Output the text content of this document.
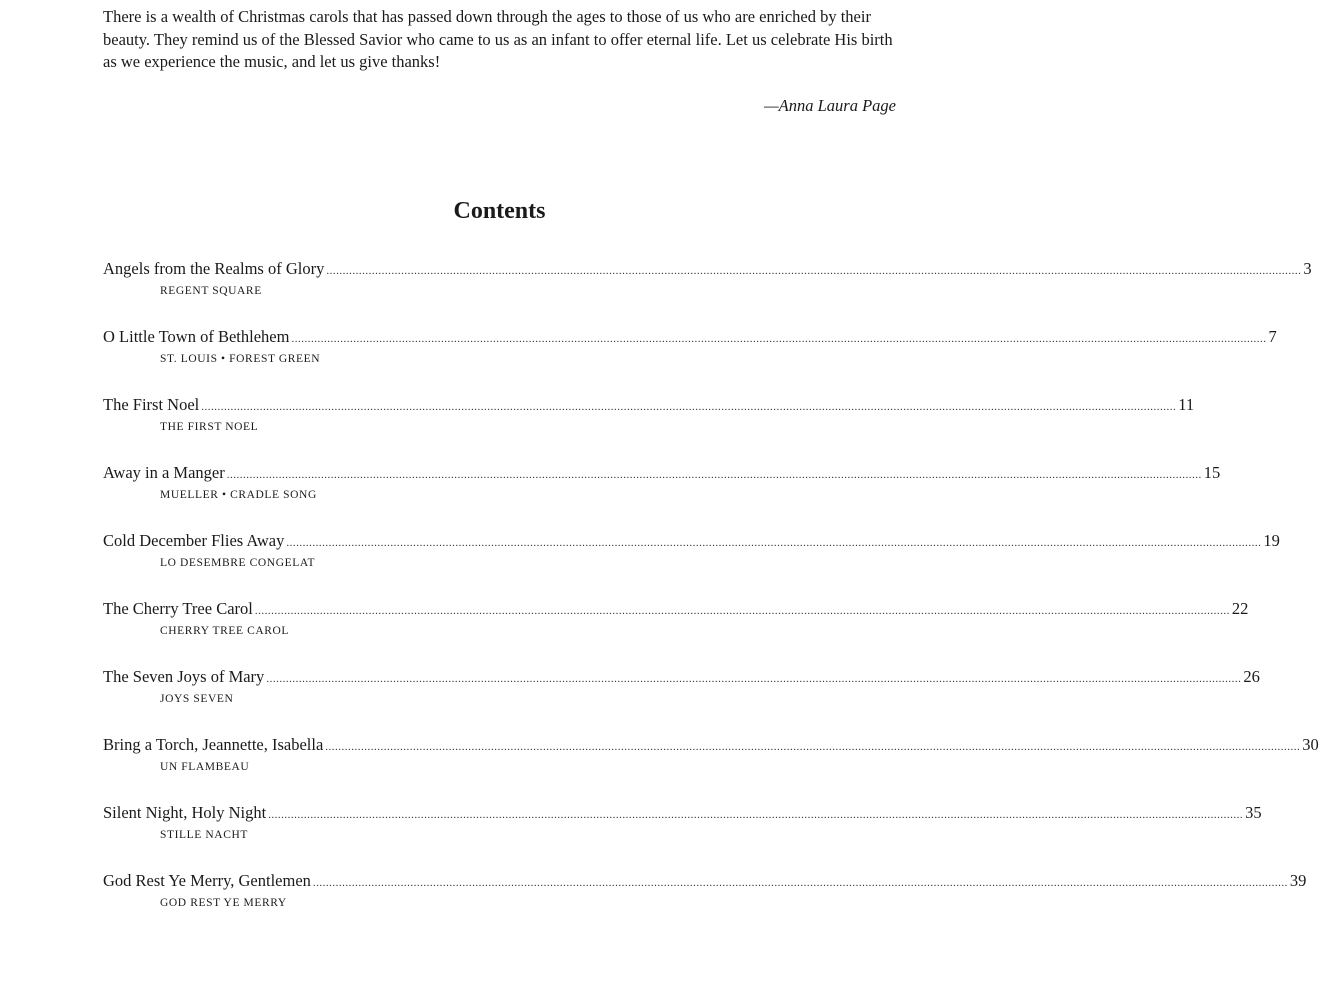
There is a wealth of Christmas carols that has passed down through the ages to those of us who are enriched by their beauty. They remind us of the Blessed Savior who came to us as an infant to offer eternal life. Let us celebrate His birth as we experience the music, and let us give thanks!

—Anna Laura Page

Contents
Angels from the Realms of Glory ............................................................................................................................................................................................................................................................................................................ 3
REGENT SQUARE
O Little Town of Bethlehem ............................................................................................................................................................................................................................................................................................................ 7
ST. LOUIS • FOREST GREEN
The First Noel ............................................................................................................................................................................................................................................................................................................ 11
THE FIRST NOEL
Away in a Manger ............................................................................................................................................................................................................................................................................................................ 15
MUELLER • CRADLE SONG
Cold December Flies Away ............................................................................................................................................................................................................................................................................................................ 19
LO DESEMBRE CONGELAT
The Cherry Tree Carol ............................................................................................................................................................................................................................................................................................................ 22
CHERRY TREE CAROL
The Seven Joys of Mary ............................................................................................................................................................................................................................................................................................................ 26
JOYS SEVEN
Bring a Torch, Jeannette, Isabella ............................................................................................................................................................................................................................................................................................................ 30
UN FLAMBEAU
Silent Night, Holy Night ............................................................................................................................................................................................................................................................................................................ 35
STILLE NACHT
God Rest Ye Merry, Gentlemen ............................................................................................................................................................................................................................................................................................................ 39
GOD REST YE MERRY
